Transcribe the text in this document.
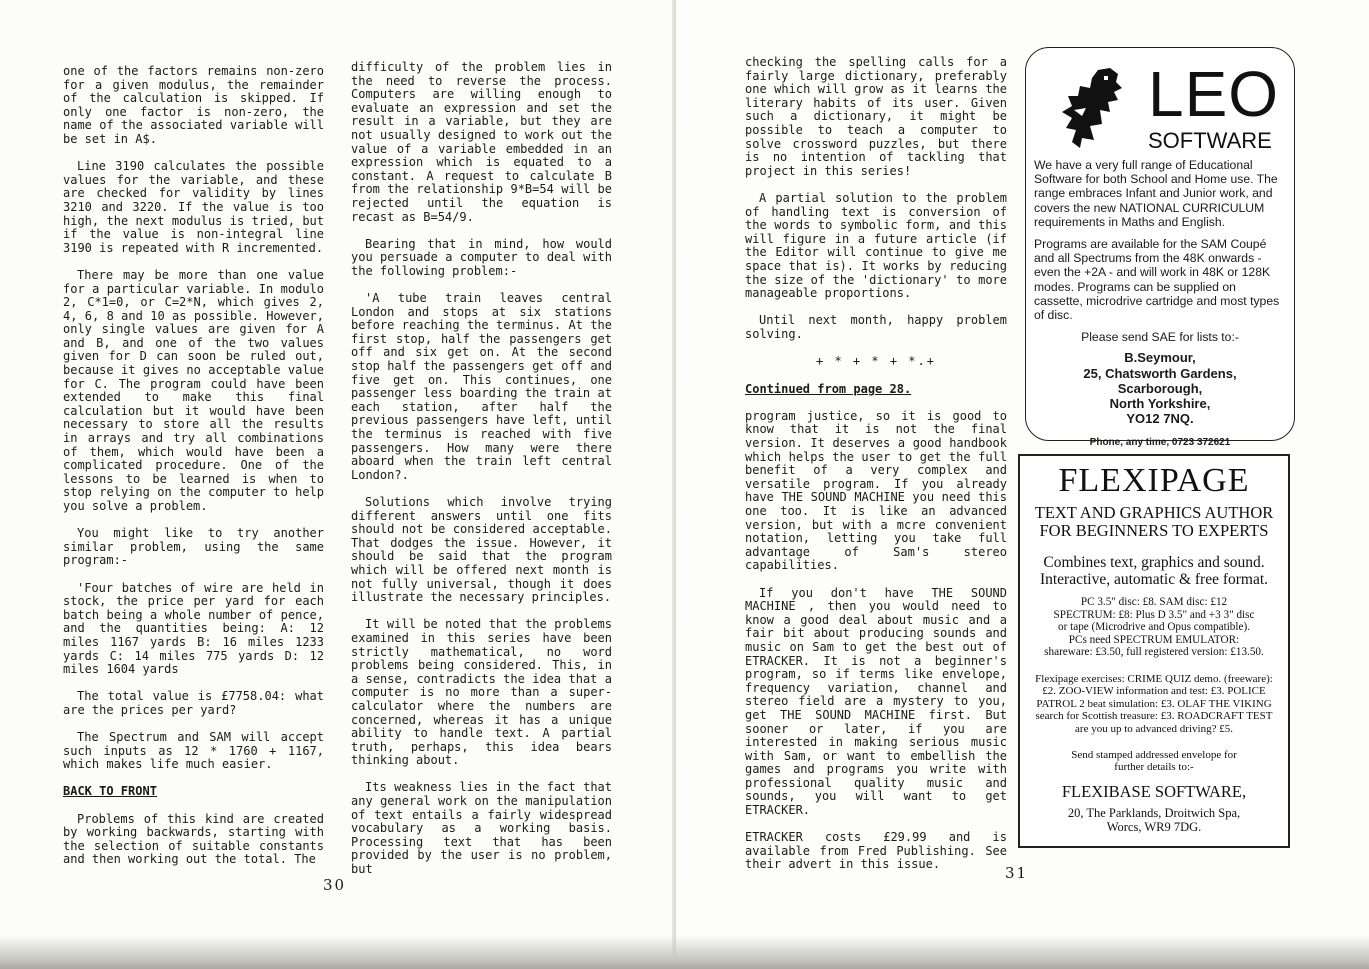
one of the factors remains non-zero for a given modulus, the remainder of the calculation is skipped. If only one factor is non-zero, the name of the associated variable will be set in A$.

Line 3190 calculates the possible values for the variable, and these are checked for validity by lines 3210 and 3220. If the value is too high, the next modulus is tried, but if the value is non-integral line 3190 is repeated with R incremented.

There may be more than one value for a particular variable. In modulo 2, C*1=0, or C=2*N, which gives 2, 4, 6, 8 and 10 as possible. However, only single values are given for A and B, and one of the two values given for D can soon be ruled out, because it gives no acceptable value for C. The program could have been extended to make this final calculation but it would have been necessary to store all the results in arrays and try all combinations of them, which would have been a complicated procedure. One of the lessons to be learned is when to stop relying on the computer to help you solve a problem.

You might like to try another similar problem, using the same program:-

'Four batches of wire are held in stock, the price per yard for each batch being a whole number of pence, and the quantities being: A: 12 miles 1167 yards B: 16 miles 1233 yards C: 14 miles 775 yards D: 12 miles 1604 yards

The total value is £7758.04: what are the prices per yard?

The Spectrum and SAM will accept such inputs as 12 * 1760 + 1167, which makes life much easier.

BACK TO FRONT

Problems of this kind are created by working backwards, starting with the selection of suitable constants and then working out the total. The

difficulty of the problem lies in the need to reverse the process. Computers are willing enough to evaluate an expression and set the result in a variable, but they are not usually designed to work out the value of a variable embedded in an expression which is equated to a constant. A request to calculate B from the relationship 9*B=54 will be rejected until the equation is recast as B=54/9.

Bearing that in mind, how would you persuade a computer to deal with the following problem:-

'A tube train leaves central London and stops at six stations before reaching the terminus. At the first stop, half the passengers get off and six get on. At the second stop half the passengers get off and five get on. This continues, one passenger less boarding the train at each station, after half the previous passengers have left, until the terminus is reached with five passengers. How many were there aboard when the train left central London?.

Solutions which involve trying different answers until one fits should not be considered acceptable. That dodges the issue. However, it should be said that the program which will be offered next month is not fully universal, though it does illustrate the necessary principles.

It will be noted that the problems examined in this series have been strictly mathematical, no word problems being considered. This, in a sense, contradicts the idea that a computer is no more than a super-calculator where the numbers are concerned, whereas it has a unique ability to handle text. A partial truth, perhaps, this idea bears thinking about.

Its weakness lies in the fact that any general work on the manipulation of text entails a fairly widespread vocabulary as a working basis. Processing text that has been provided by the user is no problem, but

30

checking the spelling calls for a fairly large dictionary, preferably one which will grow as it learns the literary habits of its user. Given such a dictionary, it might be possible to teach a computer to solve crossword puzzles, but there is no intention of tackling that project in this series!

A partial solution to the problem of handling text is conversion of the words to symbolic form, and this will figure in a future article (if the Editor will continue to give me space that is). It works by reducing the size of the 'dictionary' to more manageable proportions.

Until next month, happy problem solving.

+ * + * + *.+
Continued from page 28.

program justice, so it is good to know that it is not the final version. It deserves a good handbook which helps the user to get the full benefit of a very complex and versatile program. If you already have THE SOUND MACHINE you need this one too. It is like an advanced version, but with a mcre convenient notation, letting you take full advantage of Sam's stereo capabilities.

If you don't have THE SOUND MACHINE , then you would need to know a good deal about music and a fair bit about producing sounds and music on Sam to get the best out of ETRACKER. It is not a beginner's program, so if terms like envelope, frequency variation, channel and stereo field are a mystery to you, get THE SOUND MACHINE first. But sooner or later, if you are interested in making serious music with Sam, or want to embellish the games and programs you write with professional quality music and sounds, you will want to get ETRACKER.

ETRACKER costs £29.99 and is available from Fred Publishing. See their advert in this issue.

LEO
SOFTWARE

We have a very full range of Educational Software for both School and Home use. The range embraces Infant and Junior work, and covers the new NATIONAL CURRICULUM requirements in Maths and English.

Programs are available for the SAM Coupé and all Spectrums from the 48K onwards - even the +2A - and will work in 48K or 128K modes. Programs can be supplied on cassette, microdrive cartridge and most types of disc.

Please send SAE for lists to:-
B.Seymour,
25, Chatsworth Gardens,
Scarborough,
North Yorkshire,
YO12 7NQ.
Phone, any time, 0723 372621
FLEXIPAGE
TEXT AND GRAPHICS AUTHOR
FOR BEGINNERS TO EXPERTS
Combines text, graphics and sound.
Interactive, automatic & free format.
PC 3.5" disc: £8. SAM disc: £12
SPECTRUM: £8: Plus D 3.5" and +3 3" disc
or tape (Microdrive and Opus compatible).
PCs need SPECTRUM EMULATOR:
shareware: £3.50, full registered version: £13.50.
Flexipage exercises: CRIME QUIZ demo. (freeware): £2. ZOO-VIEW information and test: £3. POLICE PATROL 2 beat simulation: £3. OLAF THE VIKING search for Scottish treasure: £3. ROADCRAFT TEST are you up to advanced driving? £5.
Send stamped addressed envelope for
further details to:-
FLEXIBASE SOFTWARE,
20, The Parklands, Droitwich Spa,
Worcs, WR9 7DG.
31
